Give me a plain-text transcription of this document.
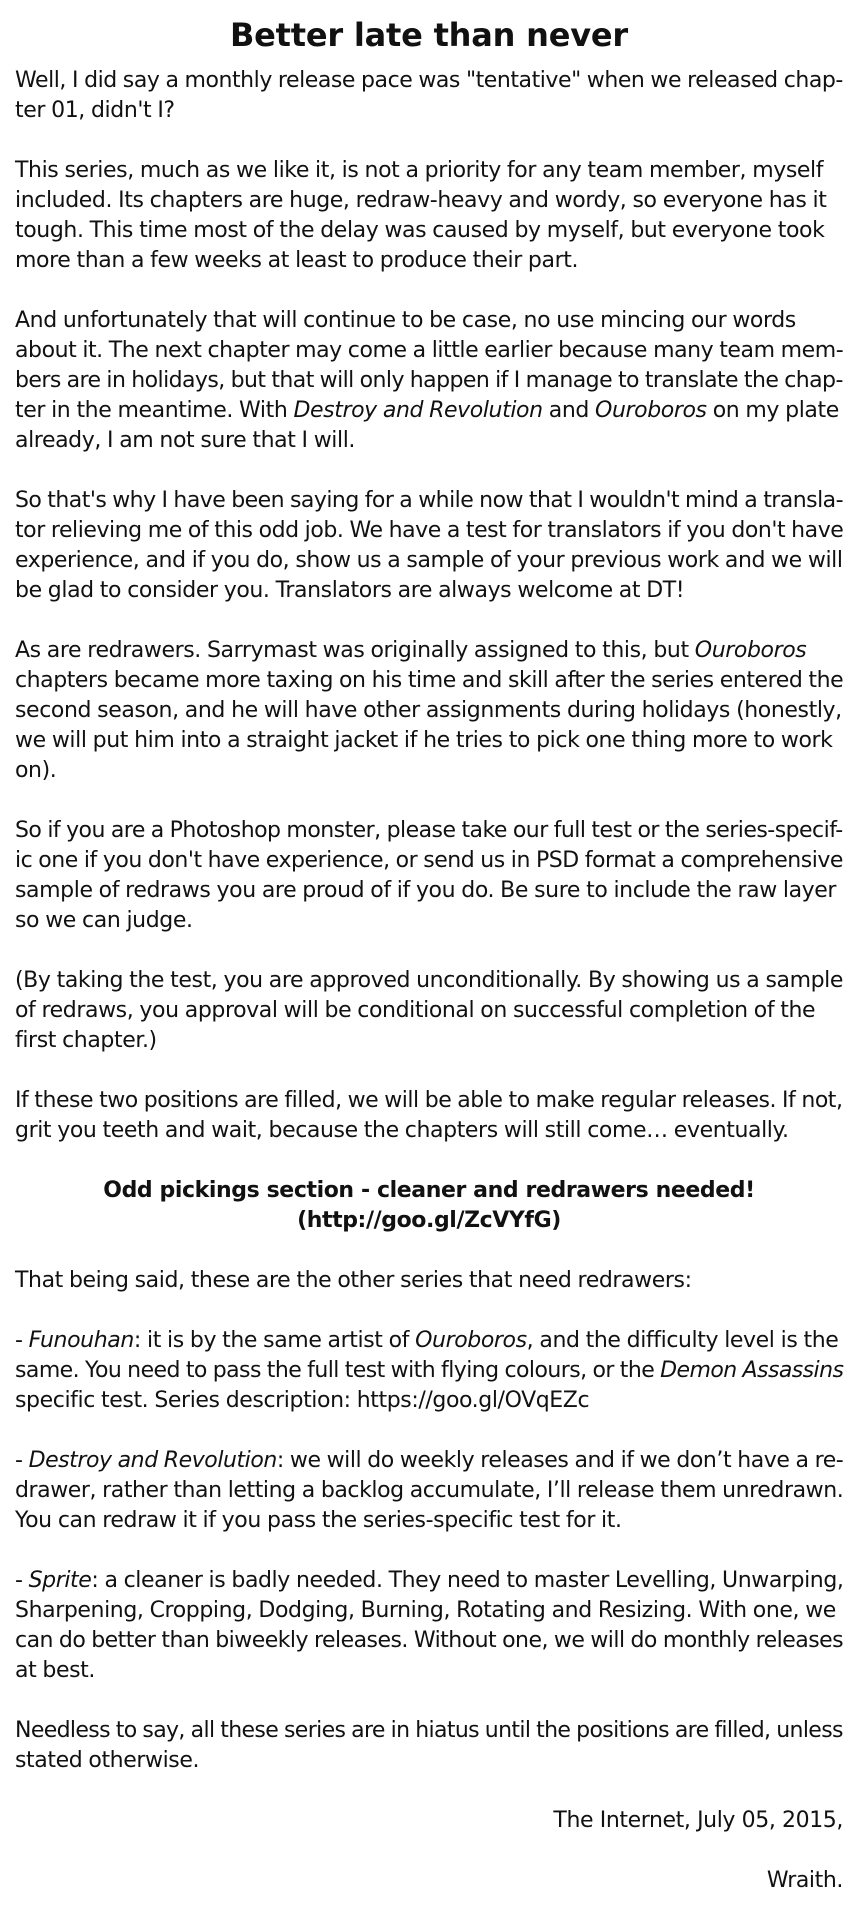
Better late than never

Well, I did say a monthly release pace was "tentative" when we released chap-
ter 01, didn't I?

This series, much as we like it, is not a priority for any team member, myself
included. Its chapters are huge, redraw-heavy and wordy, so everyone has it
tough. This time most of the delay was caused by myself, but everyone took
more than a few weeks at least to produce their part.

And unfortunately that will continue to be case, no use mincing our words
about it. The next chapter may come a little earlier because many team mem-
bers are in holidays, but that will only happen if I manage to translate the chap-
ter in the meantime. With Destroy and Revolution and Ouroboros on my plate
already, I am not sure that I will.

So that's why I have been saying for a while now that I wouldn't mind a transla-
tor relieving me of this odd job. We have a test for translators if you don't have
experience, and if you do, show us a sample of your previous work and we will
be glad to consider you. Translators are always welcome at DT!

As are redrawers. Sarrymast was originally assigned to this, but Ouroboros
chapters became more taxing on his time and skill after the series entered the
second season, and he will have other assignments during holidays (honestly,
we will put him into a straight jacket if he tries to pick one thing more to work
on).

So if you are a Photoshop monster, please take our full test or the series-specif-
ic one if you don't have experience, or send us in PSD format a comprehensive
sample of redraws you are proud of if you do. Be sure to include the raw layer
so we can judge.

(By taking the test, you are approved unconditionally. By showing us a sample
of redraws, you approval will be conditional on successful completion of the
first chapter.)

If these two positions are filled, we will be able to make regular releases. If not,
grit you teeth and wait, because the chapters will still come… eventually.

Odd pickings section - cleaner and redrawers needed!

(http://goo.gl/ZcVYfG)

That being said, these are the other series that need redrawers:

- Funouhan: it is by the same artist of Ouroboros, and the difficulty level is the
same. You need to pass the full test with flying colours, or the Demon Assassins
specific test. Series description: https://goo.gl/OVqEZc

- Destroy and Revolution: we will do weekly releases and if we don’t have a re-
drawer, rather than letting a backlog accumulate, I’ll release them unredrawn.
You can redraw it if you pass the series-specific test for it.

- Sprite: a cleaner is badly needed. They need to master Levelling, Unwarping,
Sharpening, Cropping, Dodging, Burning, Rotating and Resizing. With one, we
can do better than biweekly releases. Without one, we will do monthly releases
at best.

Needless to say, all these series are in hiatus until the positions are filled, unless
stated otherwise.

The Internet, July 05, 2015,

Wraith.
